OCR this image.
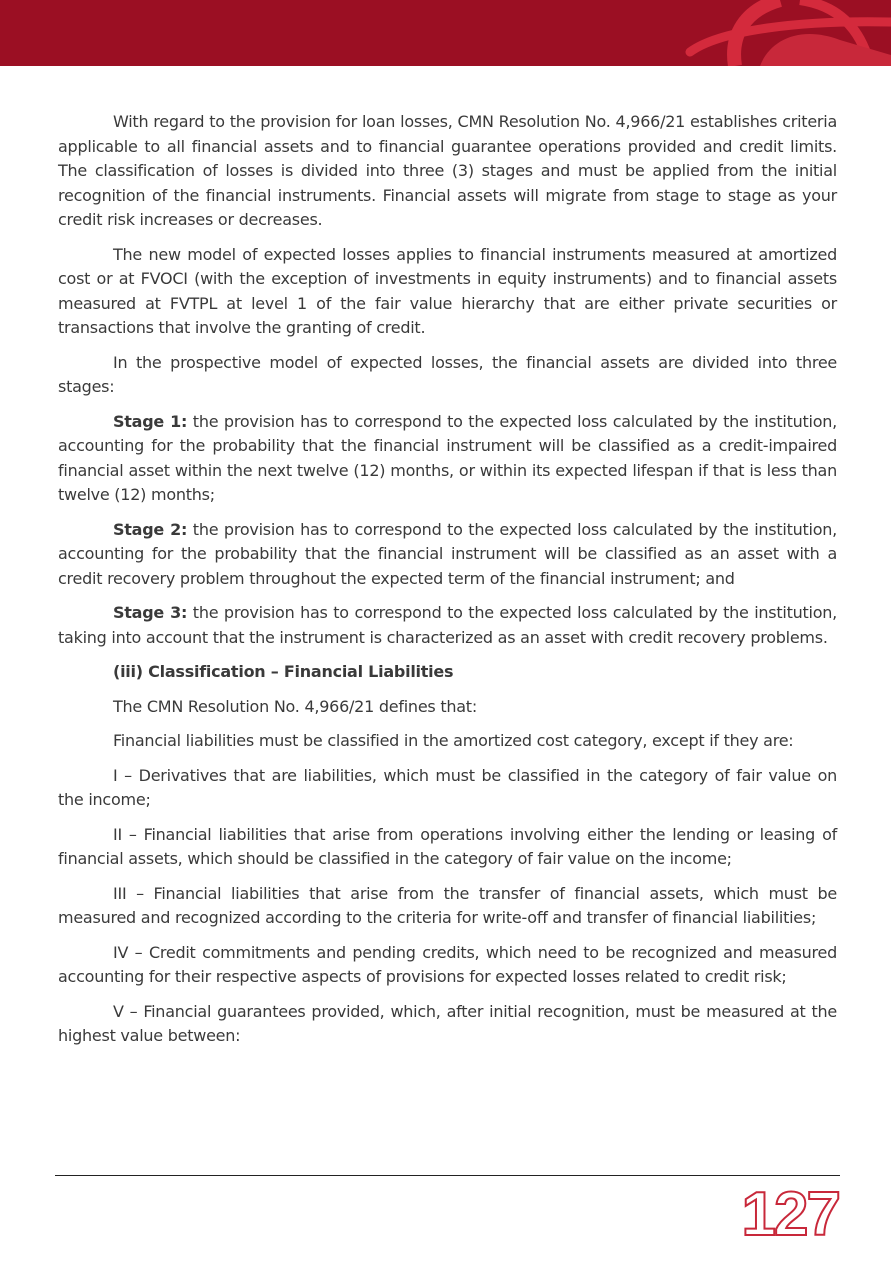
With regard to the provision for loan losses, CMN Resolution No. 4,966/21 establishes criteria applicable to all financial assets and to financial guarantee operations provided and credit limits. The classification of losses is divided into three (3) stages and must be applied from the initial recognition of the financial instruments. Financial assets will migrate from stage to stage as your credit risk increases or decreases.

The new model of expected losses applies to financial instruments measured at amortized cost or at FVOCI (with the exception of investments in equity instruments) and to financial assets measured at FVTPL at level 1 of the fair value hierarchy that are either private securities or transactions that involve the granting of credit.

In the prospective model of expected losses, the financial assets are divided into three stages:

Stage 1: the provision has to correspond to the expected loss calculated by the institution, accounting for the probability that the financial instrument will be classified as a credit-impaired financial asset within the next twelve (12) months, or within its expected lifespan if that is less than twelve (12) months;

Stage 2: the provision has to correspond to the expected loss calculated by the institution, accounting for the probability that the financial instrument will be classified as an asset with a credit recovery problem throughout the expected term of the financial instrument; and

Stage 3: the provision has to correspond to the expected loss calculated by the institution, taking into account that the instrument is characterized as an asset with credit recovery problems.

(iii) Classification – Financial Liabilities

The CMN Resolution No. 4,966/21 defines that:

Financial liabilities must be classified in the amortized cost category, except if they are:

I – Derivatives that are liabilities, which must be classified in the category of fair value on the income;

II – Financial liabilities that arise from operations involving either the lending or leasing of financial assets, which should be classified in the category of fair value on the income;

III – Financial liabilities that arise from the transfer of financial assets, which must be measured and recognized according to the criteria for write-off and transfer of financial liabilities;

IV – Credit commitments and pending credits, which need to be recognized and measured accounting for their respective aspects of provisions for expected losses related to credit risk;

V – Financial guarantees provided, which, after initial recognition, must be measured at the highest value between:

127
